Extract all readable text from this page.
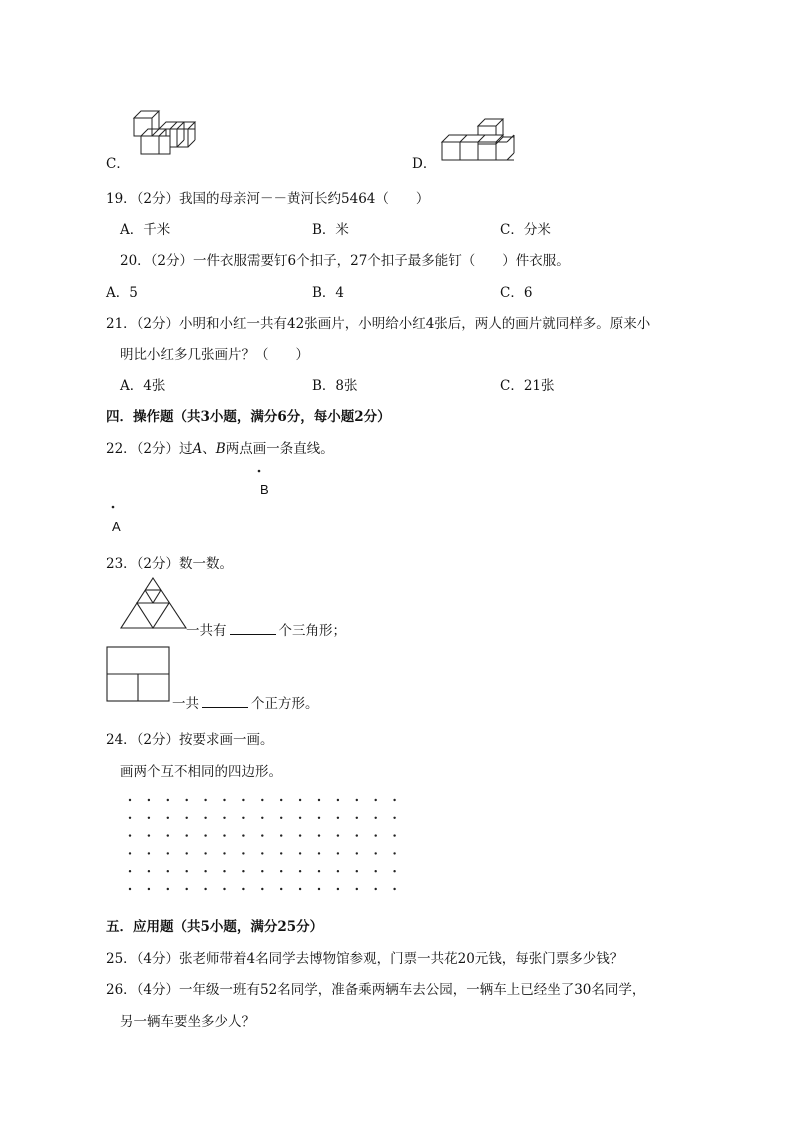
C．	D．
19．（2分）我国的母亲河－－黄河长约5464（　　）
A．千米	B．米	C．分米
20．（2分）一件衣服需要钉6个扣子，27个扣子最多能钉（　　）件衣服。
A．5	B．4	C．6
21．（2分）小明和小红一共有42张画片，小明给小红4张后，两人的画片就同样多。原来小
明比小红多几张画片？（　　）
A．4张	B．8张	C．21张
四．操作题（共3小题，满分6分，每小题2分）
22．（2分）过A、B两点画一条直线。
B
A
23．（2分）数一数。
一共有	个三角形；
一共	个正方形。
24．（2分）按要求画一画。
画两个互不相同的四边形。
五．应用题（共5小题，满分25分）
25．（4分）张老师带着4名同学去博物馆参观，门票一共花20元钱，每张门票多少钱？
26．（4分）一年级一班有52名同学，准备乘两辆车去公园，一辆车上已经坐了30名同学，
另一辆车要坐多少人？
